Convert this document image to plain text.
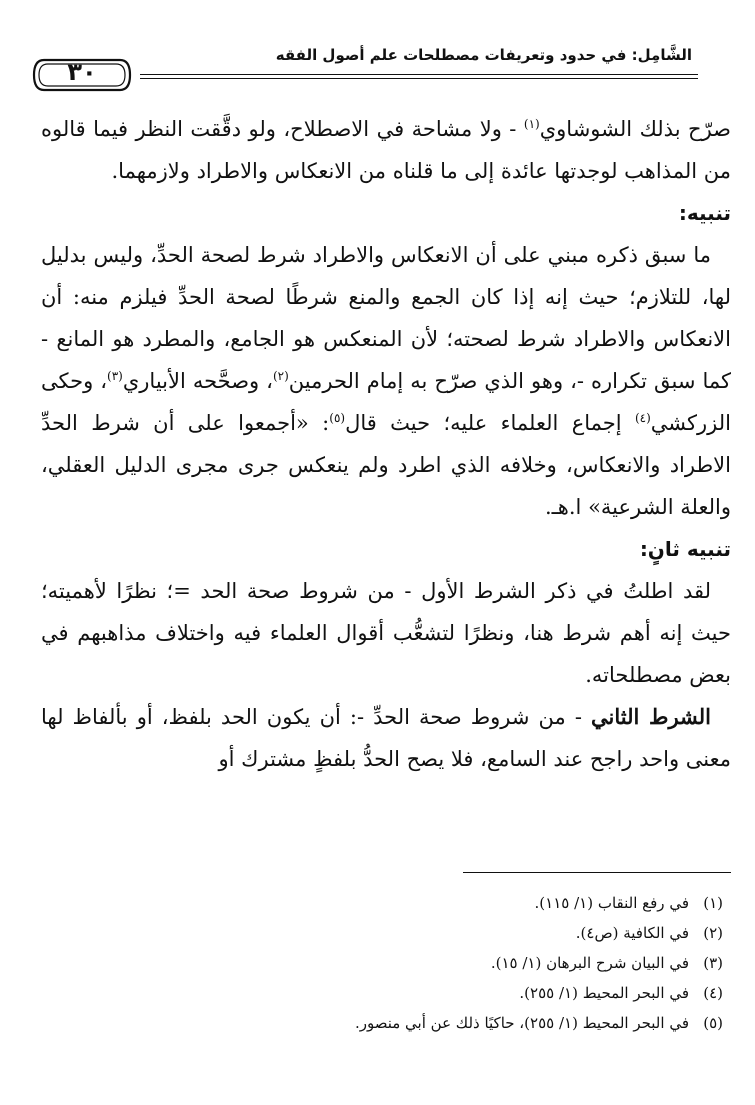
الشَّامِل: في حدود وتعريفات مصطلحات علم أصول الفقه
٣٠

صرّح بذلك الشوشاوي$^{(١)}$ - ولا مشاحة في الاصطلاح، ولو دقَّقت النظر فيما قالوه من المذاهب لوجدتها عائدة إلى ما قلناه من الانعكاس والاطراد ولازمهما.

تنبيه:

ما سبق ذكره مبني على أن الانعكاس والاطراد شرط لصحة الحدِّ، وليس بدليل لها، للتلازم؛ حيث إنه إذا كان الجمع والمنع شرطًا لصحة الحدِّ فيلزم منه: أن الانعكاس والاطراد شرط لصحته؛ لأن المنعكس هو الجامع، والمطرد هو المانع - كما سبق تكراره -، وهو الذي صرّح به إمام الحرمين$^{(٢)}$، وصحَّحه الأبياري$^{(٣)}$، وحكى الزركشي$^{(٤)}$ إجماع العلماء عليه؛ حيث قال$^{(٥)}$: «أجمعوا على أن شرط الحدِّ الاطراد والانعكاس، وخلافه الذي اطرد ولم ينعكس جرى مجرى الدليل العقلي، والعلة الشرعية» ا.هـ.

تنبيه ثانٍ:

لقد اطلتُ في ذكر الشرط الأول - من شروط صحة الحد =؛ نظرًا لأهميته؛ حيث إنه أهم شرط هنا، ونظرًا لتشعُّب أقوال العلماء فيه واختلاف مذاهبهم في بعض مصطلحاته.

الشرط الثاني - من شروط صحة الحدِّ -: أن يكون الحد بلفظ، أو بألفاظ لها معنى واحد راجح عند السامع، فلا يصح الحدُّ بلفظٍ مشترك أو

(١)في رفع النقاب (١/ ١١٥).
(٢)في الكافية (ص٤).
(٣)في البيان شرح البرهان (١/ ١٥).
(٤)في البحر المحيط (١/ ٢٥٥).
(٥)في البحر المحيط (١/ ٢٥٥)، حاكيًا ذلك عن أبي منصور.
